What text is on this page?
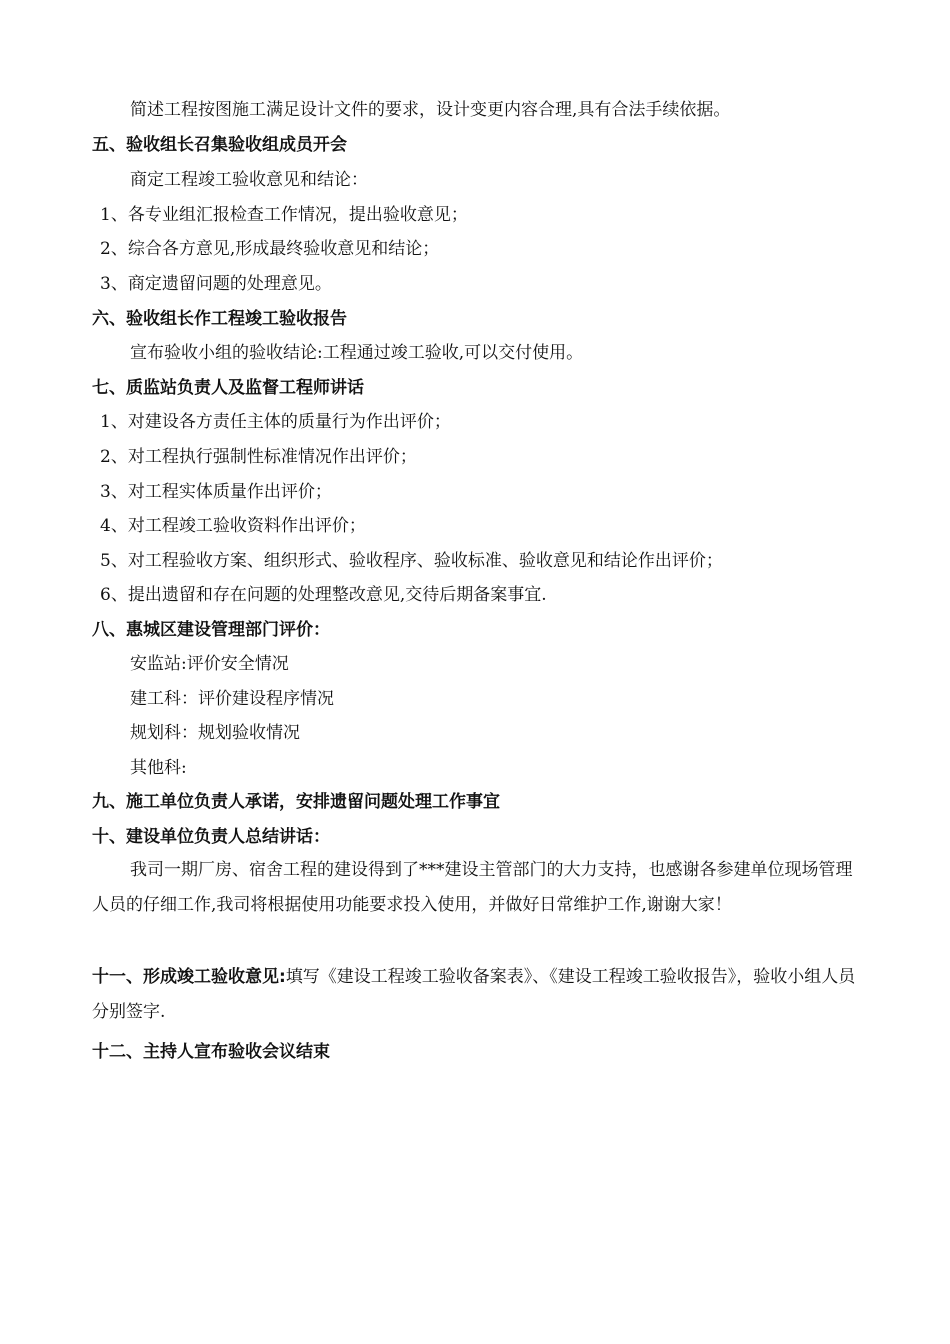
简述工程按图施工满足设计文件的要求，设计变更内容合理,具有合法手续依据。
五、验收组长召集验收组成员开会
商定工程竣工验收意见和结论：
1、各专业组汇报检查工作情况，提出验收意见；
2、综合各方意见,形成最终验收意见和结论；
3、商定遗留问题的处理意见。
六、验收组长作工程竣工验收报告
宣布验收小组的验收结论:工程通过竣工验收,可以交付使用。
七、质监站负责人及监督工程师讲话
1、对建设各方责任主体的质量行为作出评价；
2、对工程执行强制性标准情况作出评价；
3、对工程实体质量作出评价；
4、对工程竣工验收资料作出评价；
5、对工程验收方案、组织形式、验收程序、验收标准、验收意见和结论作出评价；
6、提出遗留和存在问题的处理整改意见,交待后期备案事宜.
八、惠城区建设管理部门评价：
安监站:评价安全情况
建工科：评价建设程序情况
规划科：规划验收情况
其他科:
九、施工单位负责人承诺，安排遗留问题处理工作事宜
十、建设单位负责人总结讲话：
我司一期厂房、宿舍工程的建设得到了***建设主管部门的大力支持，也感谢各参建单位现场管理人员的仔细工作,我司将根据使用功能要求投入使用，并做好日常维护工作,谢谢大家！
十一、形成竣工验收意见:填写《建设工程竣工验收备案表》、《建设工程竣工验收报告》，验收小组人员分别签字.
十二、主持人宣布验收会议结束
